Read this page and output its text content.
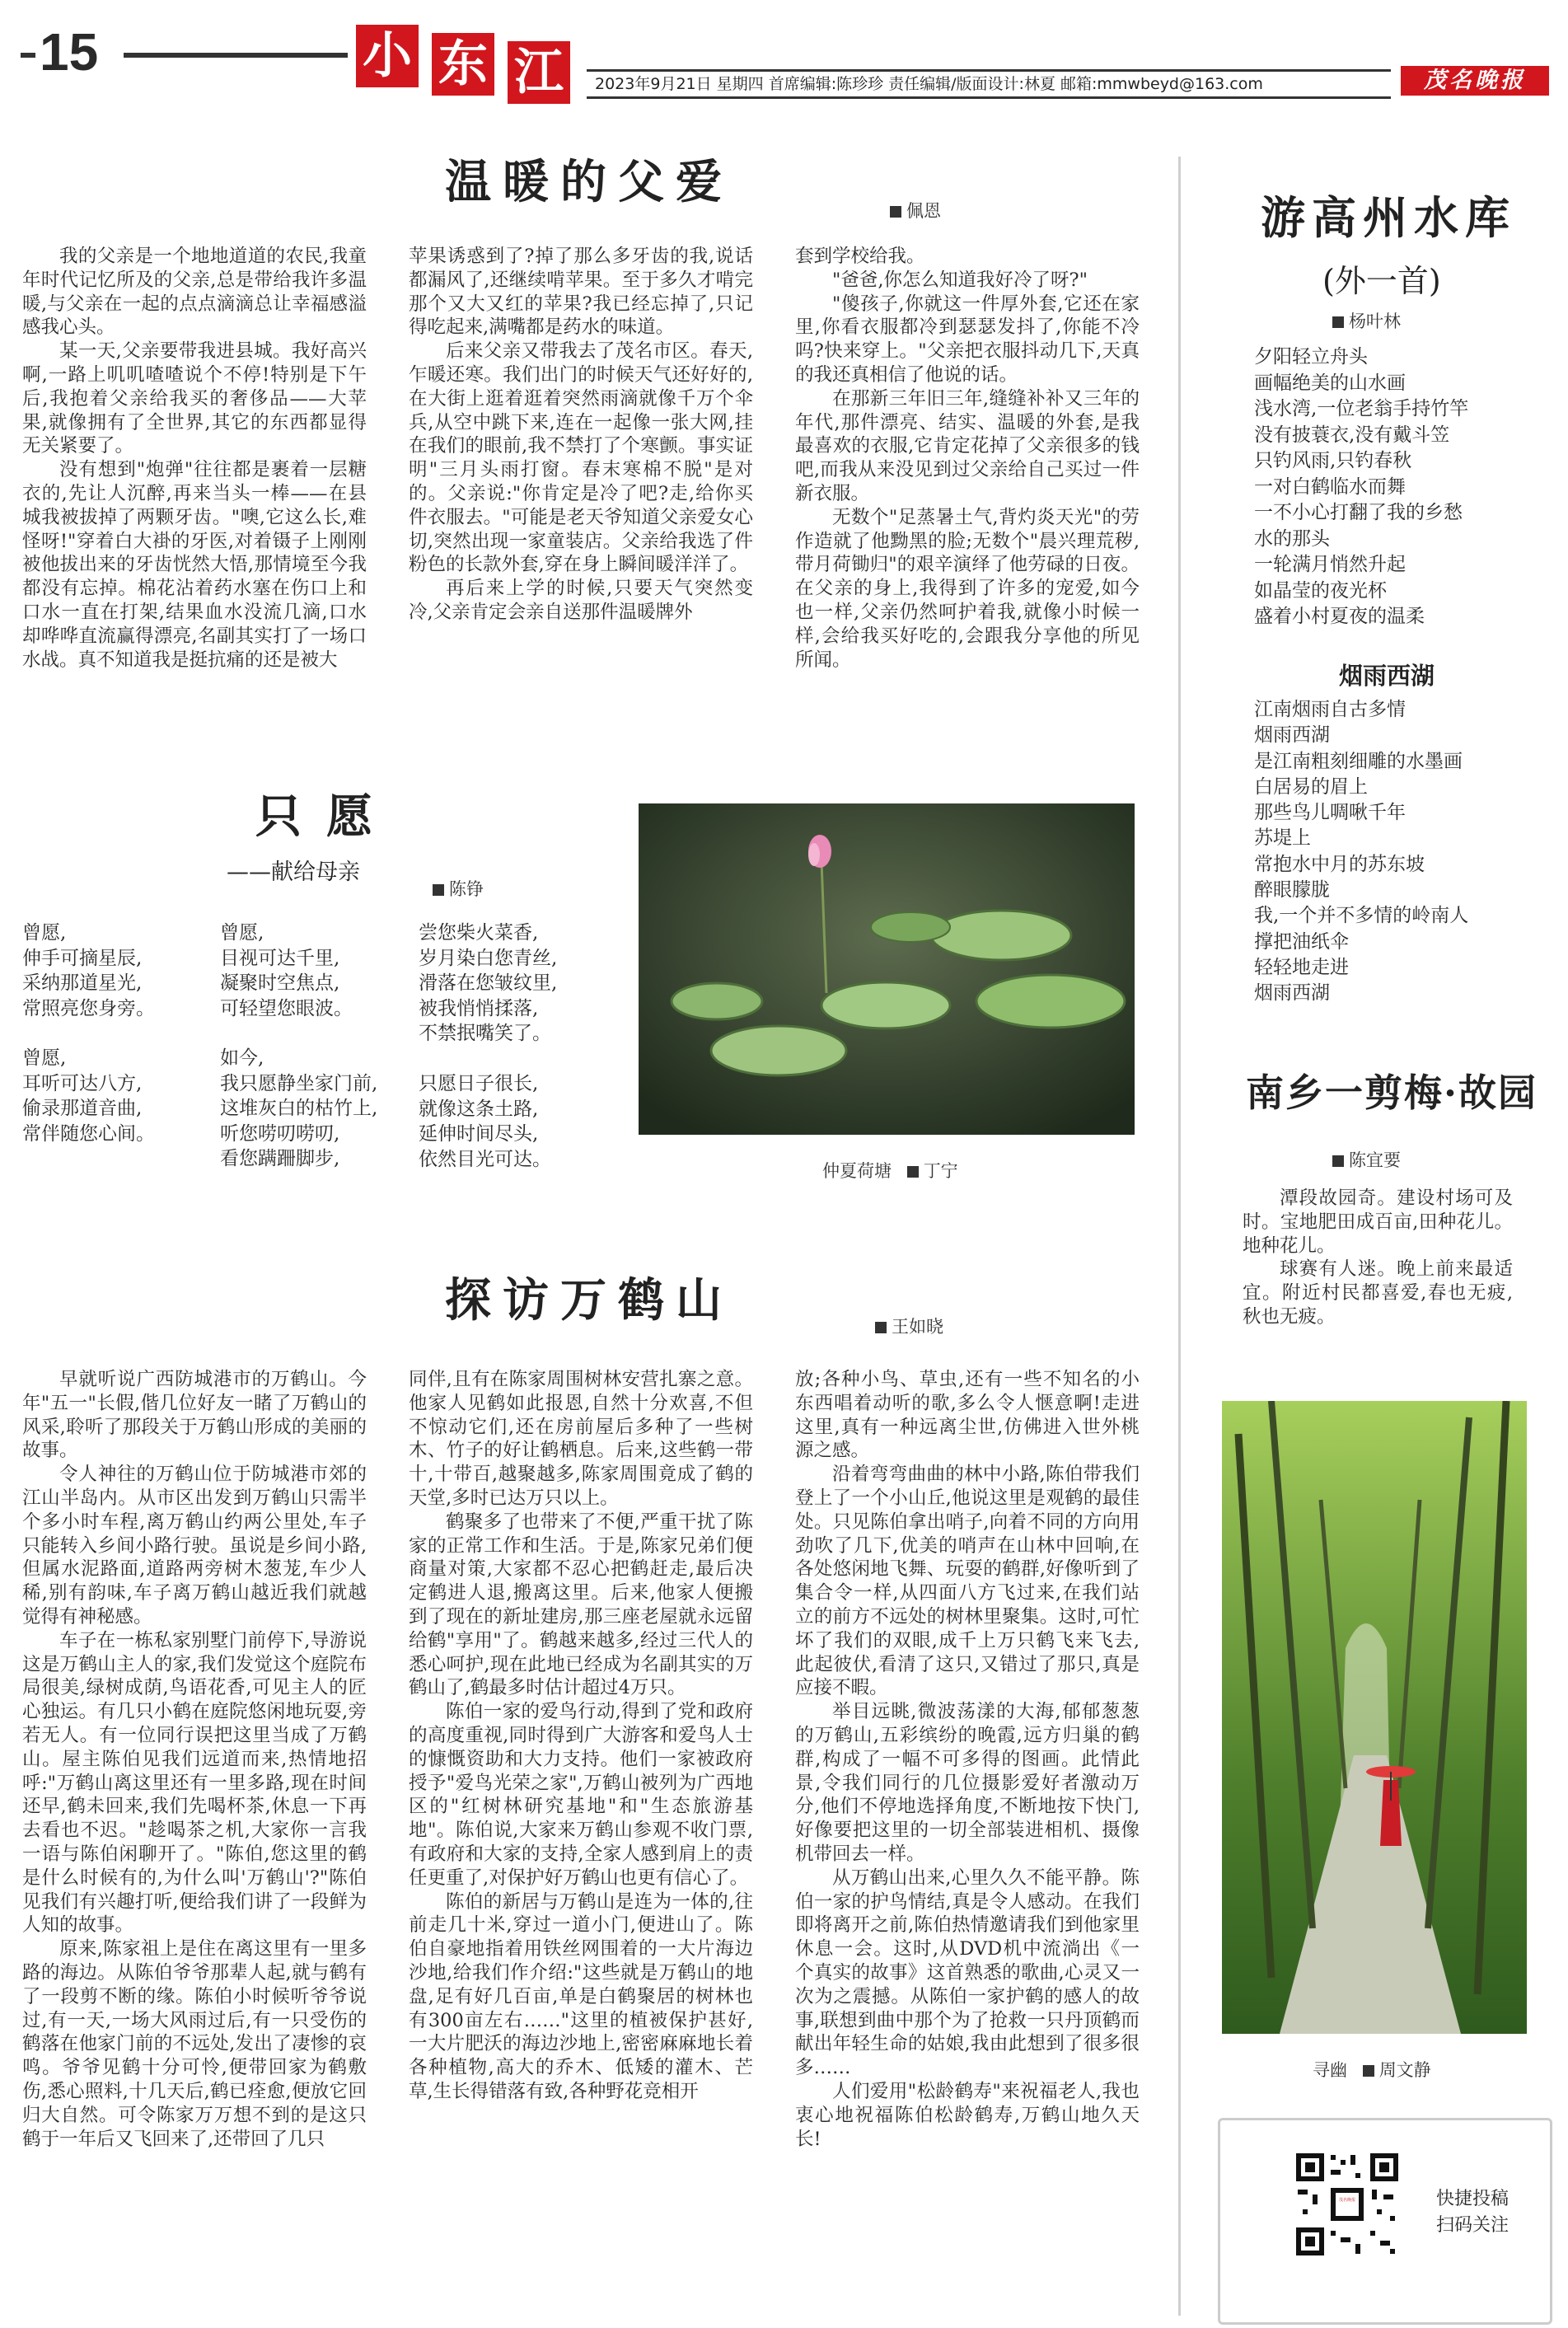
15	小 东 江	2023年9月21日 星期四 首席编辑:陈珍珍 责任编辑/版面设计:林夏 邮箱:mmwbeyd@163.com	茂名晚报
温暖的父爱
佩恩

我的父亲是一个地地道道的农民,我童年时代记忆所及的父亲,总是带给我许多温暖,与父亲在一起的点点滴滴总让幸福感溢感我心头。

某一天,父亲要带我进县城。我好高兴啊,一路上叽叽喳喳说个不停!特别是下午后,我抱着父亲给我买的奢侈品——大苹果,就像拥有了全世界,其它的东西都显得无关紧要了。

没有想到"炮弹"往往都是裹着一层糖衣的,先让人沉醉,再来当头一棒——在县城我被拔掉了两颗牙齿。"噢,它这么长,难怪呀!"穿着白大褂的牙医,对着镊子上刚刚被他拔出来的牙齿恍然大悟,那情境至今我都没有忘掉。棉花沾着药水塞在伤口上和口水一直在打架,结果血水没流几滴,口水却哗哗直流赢得漂亮,名副其实打了一场口水战。真不知道我是挺抗痛的还是被大

苹果诱惑到了?掉了那么多牙齿的我,说话都漏风了,还继续啃苹果。至于多久才啃完那个又大又红的苹果?我已经忘掉了,只记得吃起来,满嘴都是药水的味道。

后来父亲又带我去了茂名市区。春天,乍暖还寒。我们出门的时候天气还好好的,在大街上逛着逛着突然雨滴就像千万个伞兵,从空中跳下来,连在一起像一张大网,挂在我们的眼前,我不禁打了个寒颤。事实证明"三月头雨打窗。春末寒棉不脱"是对的。父亲说:"你肯定是冷了吧?走,给你买件衣服去。"可能是老天爷知道父亲爱女心切,突然出现一家童装店。父亲给我选了件粉色的长款外套,穿在身上瞬间暖洋洋了。

再后来上学的时候,只要天气突然变冷,父亲肯定会亲自送那件温暖牌外

套到学校给我。

"爸爸,你怎么知道我好冷了呀?"

"傻孩子,你就这一件厚外套,它还在家里,你看衣服都冷到瑟瑟发抖了,你能不冷吗?快来穿上。"父亲把衣服抖动几下,天真的我还真相信了他说的话。

在那新三年旧三年,缝缝补补又三年的年代,那件漂亮、结实、温暖的外套,是我最喜欢的衣服,它肯定花掉了父亲很多的钱吧,而我从来没见到过父亲给自己买过一件新衣服。

无数个"足蒸暑土气,背灼炎天光"的劳作造就了他黝黑的脸;无数个"晨兴理荒秽,带月荷锄归"的艰辛演绎了他劳碌的日夜。在父亲的身上,我得到了许多的宠爱,如今也一样,父亲仍然呵护着我,就像小时候一样,会给我买好吃的,会跟我分享他的所见所闻。

只愿
——献给母亲
陈铮
曾愿,
伸手可摘星辰,
采纳那道星光,
常照亮您身旁。
曾愿,
目视可达千里,
凝聚时空焦点,
可轻望您眼波。
尝您柴火菜香,
岁月染白您青丝,
滑落在您皱纹里,
被我悄悄揉落,
不禁抿嘴笑了。
曾愿,
耳听可达八方,
偷录那道音曲,
常伴随您心间。
如今,
我只愿静坐家门前,
这堆灰白的枯竹上,
听您唠叨唠叨,
看您蹒跚脚步,
只愿日子很长,
就像这条土路,
延伸时间尽头,
依然目光可达。
仲夏荷塘 丁宁
探访万鹤山	王如晓

早就听说广西防城港市的万鹤山。今年"五一"长假,偕几位好友一睹了万鹤山的风采,聆听了那段关于万鹤山形成的美丽的故事。

令人神往的万鹤山位于防城港市郊的江山半岛内。从市区出发到万鹤山只需半个多小时车程,离万鹤山约两公里处,车子只能转入乡间小路行驶。虽说是乡间小路,但属水泥路面,道路两旁树木葱茏,车少人稀,别有韵味,车子离万鹤山越近我们就越觉得有神秘感。

车子在一栋私家别墅门前停下,导游说这是万鹤山主人的家,我们发觉这个庭院布局很美,绿树成荫,鸟语花香,可见主人的匠心独运。有几只小鹤在庭院悠闲地玩耍,旁若无人。有一位同行误把这里当成了万鹤山。屋主陈伯见我们远道而来,热情地招呼:"万鹤山离这里还有一里多路,现在时间还早,鹤未回来,我们先喝杯茶,休息一下再去看也不迟。"趁喝茶之机,大家你一言我一语与陈伯闲聊开了。"陈伯,您这里的鹤是什么时候有的,为什么叫'万鹤山'?"陈伯见我们有兴趣打听,便给我们讲了一段鲜为人知的故事。

原来,陈家祖上是住在离这里有一里多路的海边。从陈伯爷爷那辈人起,就与鹤有了一段剪不断的缘。陈伯小时候听爷爷说过,有一天,一场大风雨过后,有一只受伤的鹤落在他家门前的不远处,发出了凄惨的哀鸣。爷爷见鹤十分可怜,便带回家为鹤敷伤,悉心照料,十几天后,鹤已痊愈,便放它回归大自然。可令陈家万万想不到的是这只鹤于一年后又飞回来了,还带回了几只

同伴,且有在陈家周围树林安营扎寨之意。他家人见鹤如此报恩,自然十分欢喜,不但不惊动它们,还在房前屋后多种了一些树木、竹子的好让鹤栖息。后来,这些鹤一带十,十带百,越聚越多,陈家周围竟成了鹤的天堂,多时已达万只以上。

鹤聚多了也带来了不便,严重干扰了陈家的正常工作和生活。于是,陈家兄弟们便商量对策,大家都不忍心把鹤赶走,最后决定鹤进人退,搬离这里。后来,他家人便搬到了现在的新址建房,那三座老屋就永远留给鹤"享用"了。鹤越来越多,经过三代人的悉心呵护,现在此地已经成为名副其实的万鹤山了,鹤最多时估计超过4万只。

陈伯一家的爱鸟行动,得到了党和政府的高度重视,同时得到广大游客和爱鸟人士的慷慨资助和大力支持。他们一家被政府授予"爱鸟光荣之家",万鹤山被列为广西地区的"红树林研究基地"和"生态旅游基地"。陈伯说,大家来万鹤山参观不收门票,有政府和大家的支持,全家人感到肩上的责任更重了,对保护好万鹤山也更有信心了。

陈伯的新居与万鹤山是连为一体的,往前走几十米,穿过一道小门,便进山了。陈伯自豪地指着用铁丝网围着的一大片海边沙地,给我们作介绍:"这些就是万鹤山的地盘,足有好几百亩,单是白鹤聚居的树林也有300亩左右……"这里的植被保护甚好,一大片肥沃的海边沙地上,密密麻麻地长着各种植物,高大的乔木、低矮的灌木、芒草,生长得错落有致,各种野花竞相开

放;各种小鸟、草虫,还有一些不知名的小东西唱着动听的歌,多么令人惬意啊!走进这里,真有一种远离尘世,仿佛进入世外桃源之感。

沿着弯弯曲曲的林中小路,陈伯带我们登上了一个小山丘,他说这里是观鹤的最佳处。只见陈伯拿出哨子,向着不同的方向用劲吹了几下,优美的哨声在山林中回响,在各处悠闲地飞舞、玩耍的鹤群,好像听到了集合令一样,从四面八方飞过来,在我们站立的前方不远处的树林里聚集。这时,可忙坏了我们的双眼,成千上万只鹤飞来飞去,此起彼伏,看清了这只,又错过了那只,真是应接不暇。

举目远眺,微波荡漾的大海,郁郁葱葱的万鹤山,五彩缤纷的晚霞,远方归巢的鹤群,构成了一幅不可多得的图画。此情此景,令我们同行的几位摄影爱好者激动万分,他们不停地选择角度,不断地按下快门,好像要把这里的一切全部装进相机、摄像机带回去一样。

从万鹤山出来,心里久久不能平静。陈伯一家的护鸟情结,真是令人感动。在我们即将离开之前,陈伯热情邀请我们到他家里休息一会。这时,从DVD机中流淌出《一个真实的故事》这首熟悉的歌曲,心灵又一次为之震撼。从陈伯一家护鹤的感人的故事,联想到曲中那个为了抢救一只丹顶鹤而献出年轻生命的姑娘,我由此想到了很多很多……

人们爱用"松龄鹤寿"来祝福老人,我也衷心地祝福陈伯松龄鹤寿,万鹤山地久天长!

游高州水库
(外一首)
杨叶林
夕阳轻立舟头
画幅绝美的山水画
浅水湾,一位老翁手持竹竿
没有披蓑衣,没有戴斗笠
只钓风雨,只钓春秋
一对白鹤临水而舞
一不小心打翻了我的乡愁
水的那头
一轮满月悄然升起
如晶莹的夜光杯
盛着小村夏夜的温柔
烟雨西湖
江南烟雨自古多情
烟雨西湖
是江南粗刻细雕的水墨画
白居易的眉上
那些鸟儿啁啾千年
苏堤上
常抱水中月的苏东坡
醉眼朦胧
我,一个并不多情的岭南人
撑把油纸伞
轻轻地走进
烟雨西湖
南乡一剪梅·故园
陈宜要

潭段故园奇。建设村场可及时。宝地肥田成百亩,田种花儿。地种花儿。

球赛有人迷。晚上前来最适宜。附近村民都喜爱,春也无疲,秋也无疲。

寻幽 周文静
茂名晚报	快捷投稿
扫码关注
